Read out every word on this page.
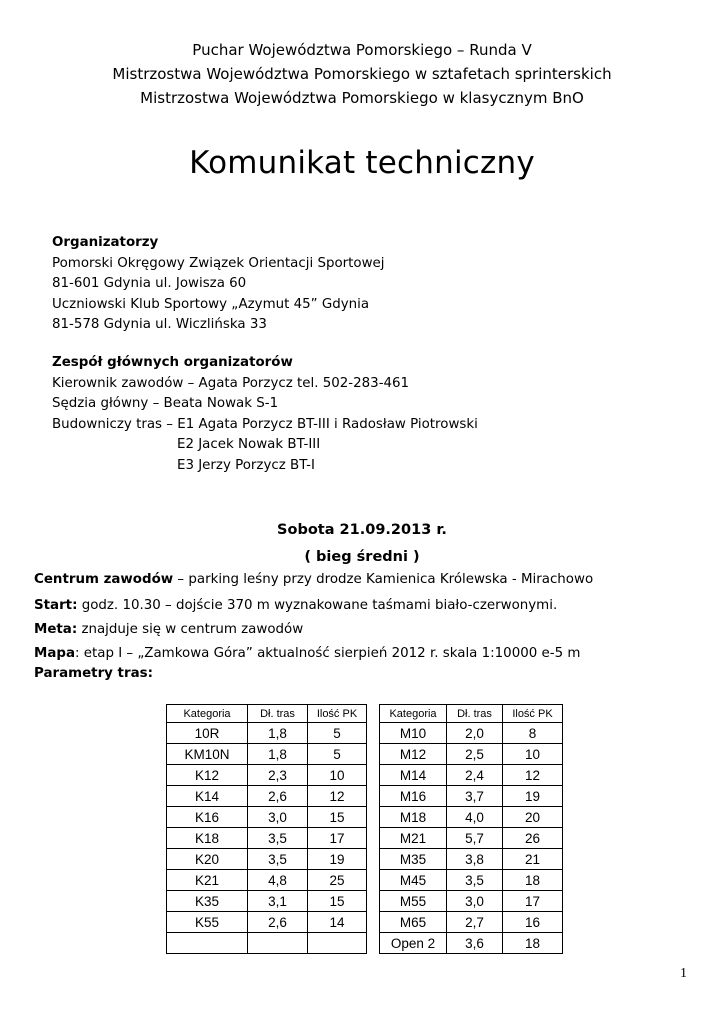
Puchar Województwa Pomorskiego – Runda V
Mistrzostwa Województwa Pomorskiego w sztafetach sprinterskich
Mistrzostwa Województwa Pomorskiego w klasycznym BnO
Komunikat techniczny
Organizatorzy
Pomorski Okręgowy Związek Orientacji Sportowej
81-601 Gdynia ul. Jowisza 60
Uczniowski Klub Sportowy „Azymut 45” Gdynia
81-578 Gdynia ul. Wiczlińska 33
Zespół głównych organizatorów
Kierownik zawodów – Agata Porzycz tel. 502-283-461
Sędzia główny – Beata Nowak S-1
Budowniczy tras – E1 Agata Porzycz BT-III i Radosław Piotrowski
E2 Jacek Nowak BT-III
E3 Jerzy Porzycz BT-I
Sobota 21.09.2013 r.
( bieg średni )
Centrum zawodów – parking leśny przy drodze Kamienica Królewska - Mirachowo
Start: godz. 10.30 – dojście 370 m wyznakowane taśmami biało-czerwonymi.
Meta: znajduje się w centrum zawodów
Mapa: etap I – „Zamkowa Góra” aktualność sierpień 2012 r. skala 1:10000 e-5 m
Parametry tras:
Kategoria	Dł. tras	Ilość PK
10R	1,8	5
KM10N	1,8	5
K12	2,3	10
K14	2,6	12
K16	3,0	15
K18	3,5	17
K20	3,5	19
K21	4,8	25
K35	3,1	15
K55	2,6	14

Kategoria	Dł. tras	Ilość PK
M10	2,0	8
M12	2,5	10
M14	2,4	12
M16	3,7	19
M18	4,0	20
M21	5,7	26
M35	3,8	21
M45	3,5	18
M55	3,0	17
M65	2,7	16
Open 2	3,6	18
1
